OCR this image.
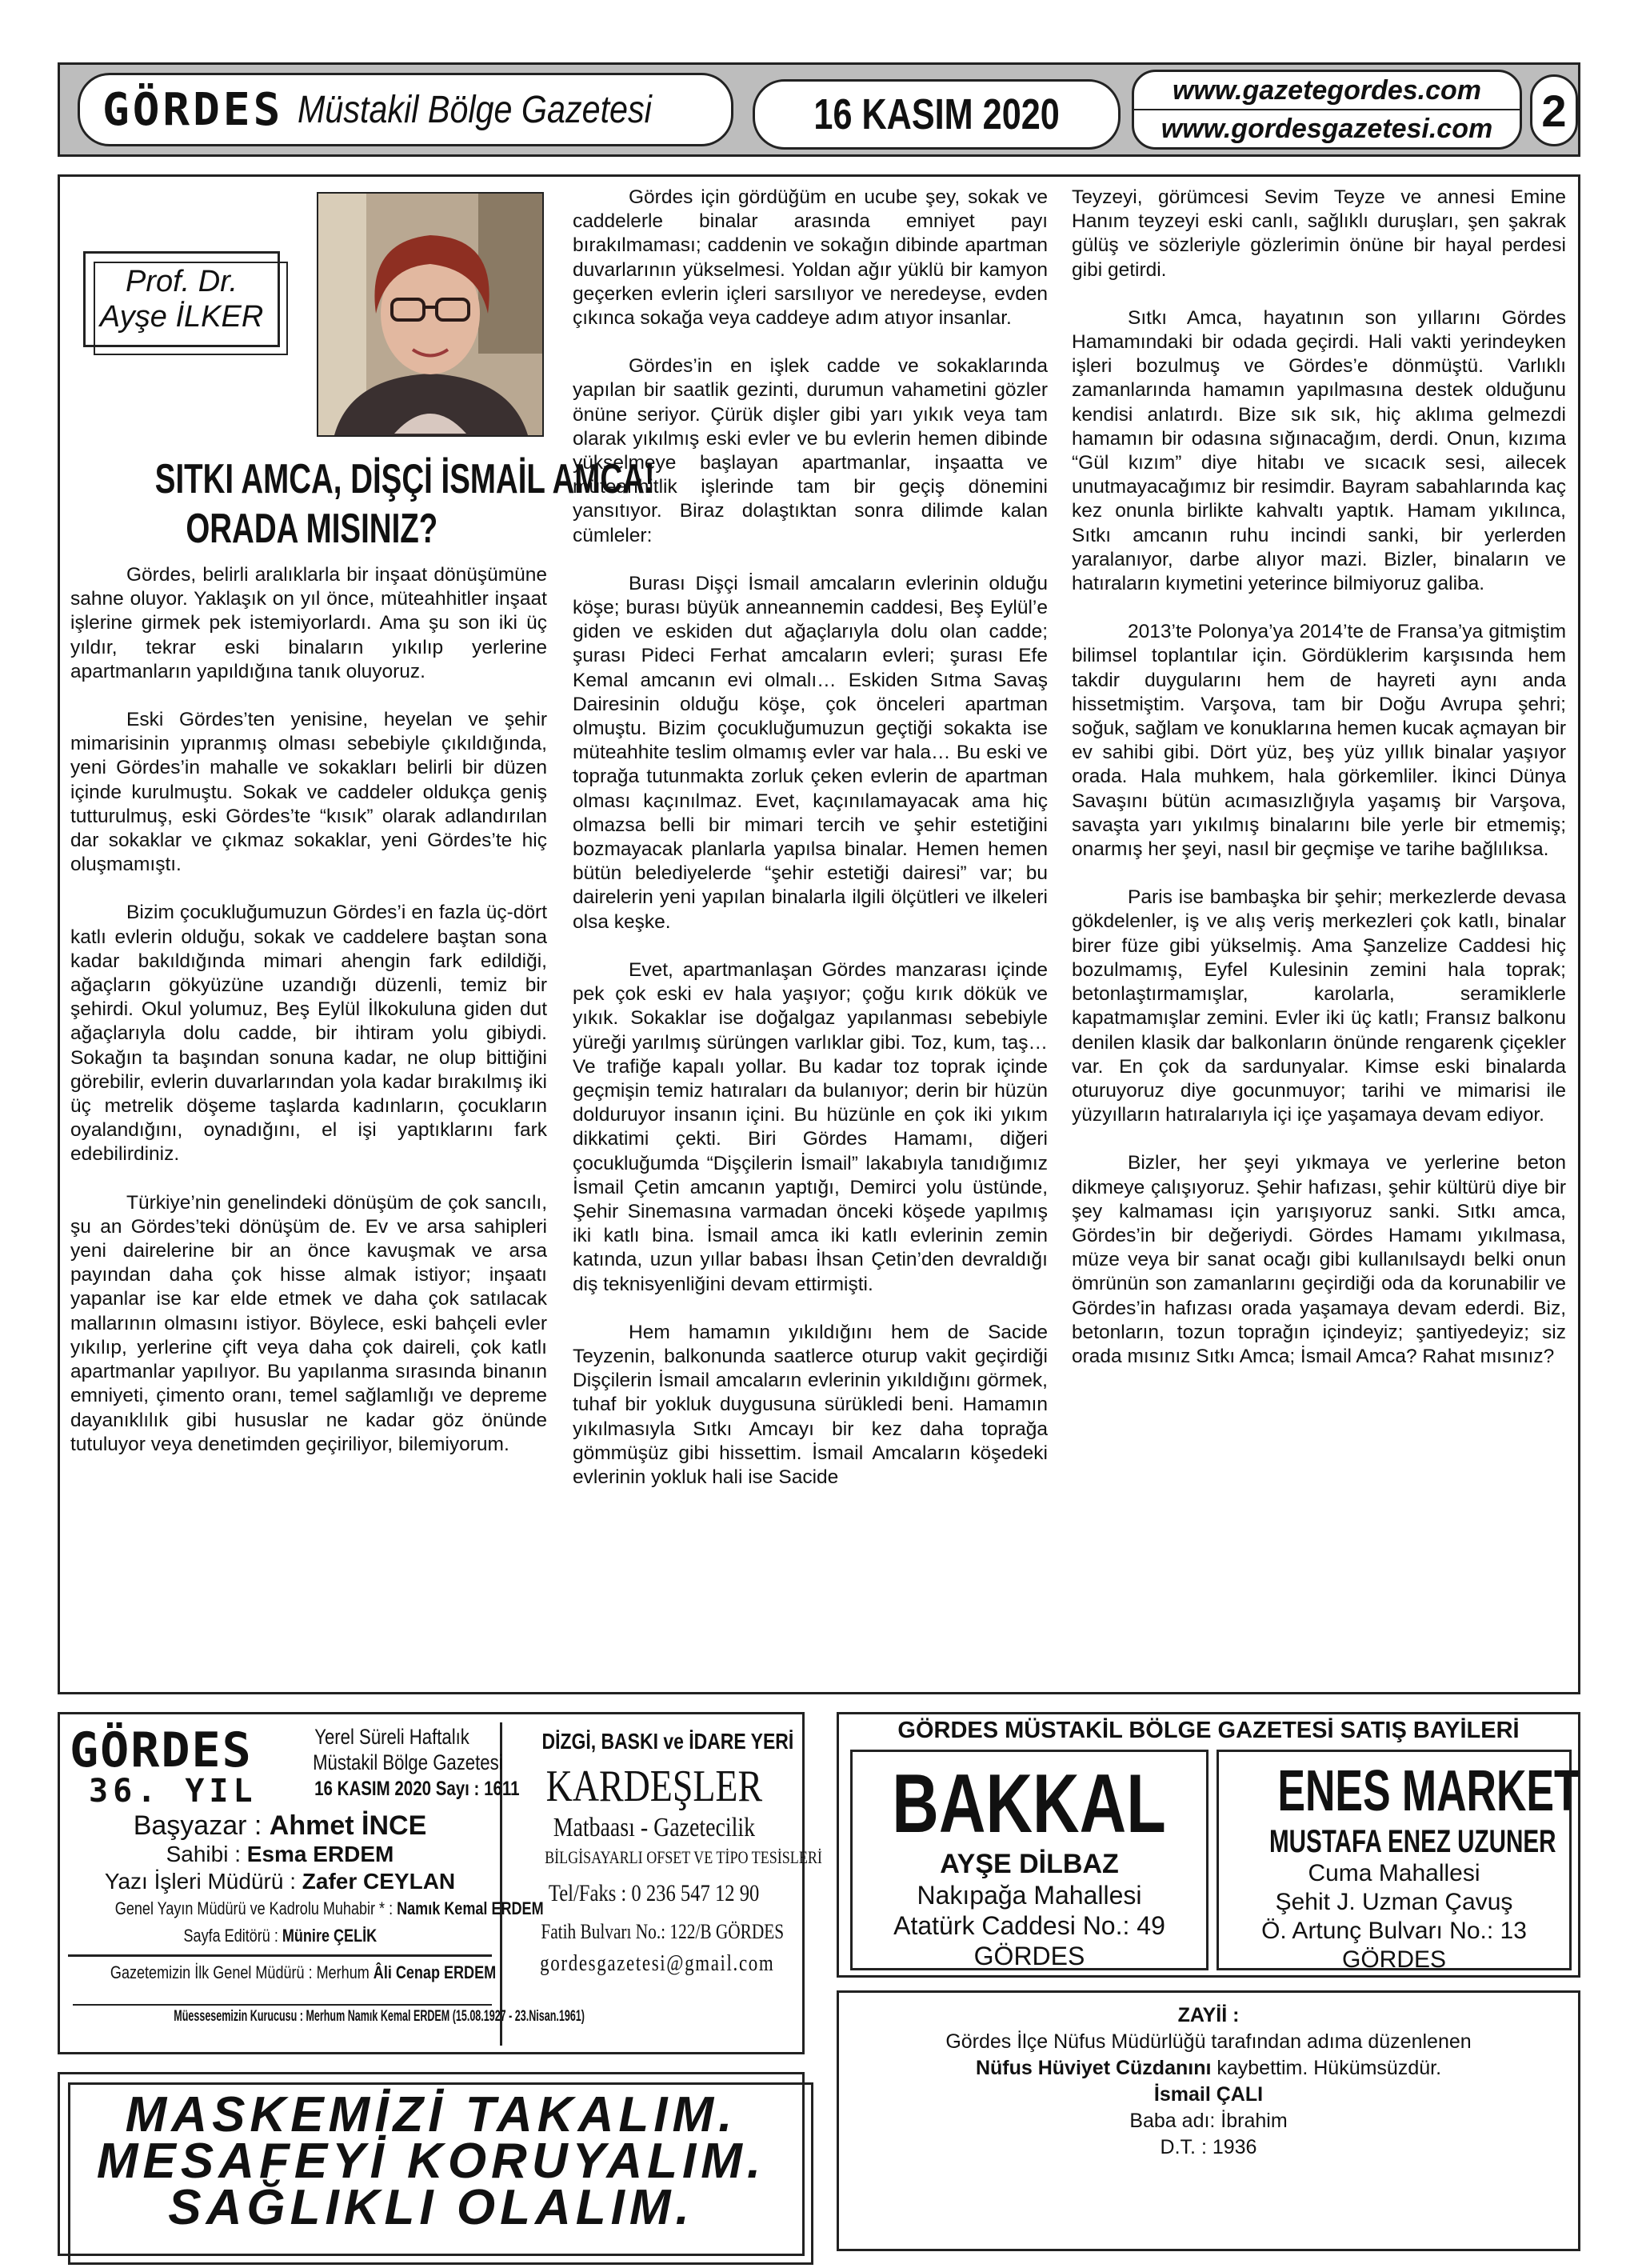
GÖRDES Müstakil Bölge Gazetesi	16 KASIM 2020	www.gazetegordes.com
www.gordesgazetesi.com 2
Prof. Dr.
Ayşe İLKER
SITKI AMCA, DİŞÇİ İSMAİL AMCA!
ORADA MISINIZ?

Gördes, belirli aralıklarla bir inşaat dönüşümüne sahne oluyor. Yaklaşık on yıl önce, müteahhitler inşaat işlerine girmek pek istemiyorlardı. Ama şu son iki üç yıldır, tekrar eski binaların yıkılıp yerlerine apartmanların yapıldığına tanık oluyoruz.

Eski Gördes’ten yenisine, heyelan ve şehir mimarisinin yıpranmış olması sebebiyle çıkıldığında, yeni Gördes’in mahalle ve sokakları belirli bir düzen içinde kurulmuştu. Sokak ve caddeler oldukça geniş tutturulmuş, eski Gördes’te “kısık” olarak adlandırılan dar sokaklar ve çıkmaz sokaklar, yeni Gördes’te hiç oluşmamıştı.

Bizim çocukluğumuzun Gördes’i en fazla üç-dört katlı evlerin olduğu, sokak ve caddelere baştan sona kadar bakıldığında mimari ahengin fark edildiği, ağaçların gökyüzüne uzandığı düzenli, temiz bir şehirdi. Okul yolumuz, Beş Eylül İlkokuluna giden dut ağaçlarıyla dolu cadde, bir ihtiram yolu gibiydi. Sokağın ta başından sonuna kadar, ne olup bittiğini görebilir, evlerin duvarlarından yola kadar bırakılmış iki üç metrelik döşeme taşlarda kadınların, çocukların oyalandığını, oynadığını, el işi yaptıklarını fark edebilirdiniz.

Türkiye’nin genelindeki dönüşüm de çok sancılı, şu an Gördes’teki dönüşüm de. Ev ve arsa sahipleri yeni dairelerine bir an önce kavuşmak ve arsa payından daha çok hisse almak istiyor; inşaatı yapanlar ise kar elde etmek ve daha çok satılacak mallarının olmasını istiyor. Böylece, eski bahçeli evler yıkılıp, yerlerine çift veya daha çok daireli, çok katlı apartmanlar yapılıyor. Bu yapılanma sırasında binanın emniyeti, çimento oranı, temel sağlamlığı ve depreme dayanıklılık gibi hususlar ne kadar göz önünde tutuluyor veya denetimden geçiriliyor, bilemiyorum.

Gördes için gördüğüm en ucube şey, sokak ve caddelerle binalar arasında emniyet payı bırakılmaması; caddenin ve sokağın dibinde apartman duvarlarının yükselmesi. Yoldan ağır yüklü bir kamyon geçerken evlerin içleri sarsılıyor ve neredeyse, evden çıkınca sokağa veya caddeye adım atıyor insanlar.

Gördes’in en işlek cadde ve sokaklarında yapılan bir saatlik gezinti, durumun vahametini gözler önüne seriyor. Çürük dişler gibi yarı yıkık veya tam olarak yıkılmış eski evler ve bu evlerin hemen dibinde yükselmeye başlayan apartmanlar, inşaatta ve müteahhitlik işlerinde tam bir geçiş dönemini yansıtıyor. Biraz dolaştıktan sonra dilimde kalan cümleler:

Burası Dişçi İsmail amcaların evlerinin olduğu köşe; burası büyük anneannemin caddesi, Beş Eylül’e giden ve eskiden dut ağaçlarıyla dolu olan cadde; şurası Pideci Ferhat amcaların evleri; şurası Efe Kemal amcanın evi olmalı… Eskiden Sıtma Savaş Dairesinin olduğu köşe, çok önceleri apartman olmuştu. Bizim çocukluğumuzun geçtiği sokakta ise müteahhite teslim olmamış evler var hala… Bu eski ve toprağa tutunmakta zorluk çeken evlerin de apartman olması kaçınılmaz. Evet, kaçınılamayacak ama hiç olmazsa belli bir mimari tercih ve şehir estetiğini bozmayacak planlarla yapılsa binalar. Hemen hemen bütün belediyelerde “şehir estetiği dairesi” var; bu dairelerin yeni yapılan binalarla ilgili ölçütleri ve ilkeleri olsa keşke.

Evet, apartmanlaşan Gördes manzarası içinde pek çok eski ev hala yaşıyor; çoğu kırık dökük ve yıkık. Sokaklar ise doğalgaz yapılanması sebebiyle yüreği yarılmış sürüngen varlıklar gibi. Toz, kum, taş… Ve trafiğe kapalı yollar. Bu kadar toz toprak içinde geçmişin temiz hatıraları da bulanıyor; derin bir hüzün dolduruyor insanın içini. Bu hüzünle en çok iki yıkım dikkatimi çekti. Biri Gördes Hamamı, diğeri çocukluğumda “Dişçilerin İsmail” lakabıyla tanıdığımız İsmail Çetin amcanın yaptığı, Demirci yolu üstünde, Şehir Sinemasına varmadan önceki köşede yapılmış iki katlı bina. İsmail amca iki katlı evlerinin zemin katında, uzun yıllar babası İhsan Çetin’den devraldığı diş teknisyenliğini devam ettirmişti.

Hem hamamın yıkıldığını hem de Sacide Teyzenin, balkonunda saatlerce oturup vakit geçirdiği Dişçilerin İsmail amcaların evlerinin yıkıldığını görmek, tuhaf bir yokluk duygusuna sürükledi beni. Hamamın yıkılmasıyla Sıtkı Amcayı bir kez daha toprağa gömmüşüz gibi hissettim. İsmail Amcaların köşedeki evlerinin yokluk hali ise Sacide

Teyzeyi, görümcesi Sevim Teyze ve annesi Emine Hanım teyzeyi eski canlı, sağlıklı duruşları, şen şakrak gülüş ve sözleriyle gözlerimin önüne bir hayal perdesi gibi getirdi.

Sıtkı Amca, hayatının son yıllarını Gördes Hamamındaki bir odada geçirdi. Hali vakti yerindeyken işleri bozulmuş ve Gördes’e dönmüştü. Varlıklı zamanlarında hamamın yapılmasına destek olduğunu kendisi anlatırdı. Bize sık sık, hiç aklıma gelmezdi hamamın bir odasına sığınacağım, derdi. Onun, kızıma “Gül kızım” diye hitabı ve sıcacık sesi, ailecek unutmayacağımız bir resimdir. Bayram sabahlarında kaç kez onunla birlikte kahvaltı yaptık. Hamam yıkılınca, Sıtkı amcanın ruhu incindi sanki, bir yerlerden yaralanıyor, darbe alıyor mazi. Bizler, binaların ve hatıraların kıymetini yeterince bilmiyoruz galiba.

2013’te Polonya’ya 2014’te de Fransa’ya gitmiştim bilimsel toplantılar için. Gördüklerim karşısında hem takdir duygularını hem de hayreti aynı anda hissetmiştim. Varşova, tam bir Doğu Avrupa şehri; soğuk, sağlam ve konuklarına hemen kucak açmayan bir ev sahibi gibi. Dört yüz, beş yüz yıllık binalar yaşıyor orada. Hala muhkem, hala görkemliler. İkinci Dünya Savaşını bütün acımasızlığıyla yaşamış bir Varşova, savaşta yarı yıkılmış binalarını bile yerle bir etmemiş; onarmış her şeyi, nasıl bir geçmişe ve tarihe bağlılıksa.

Paris ise bambaşka bir şehir; merkezlerde devasa gökdelenler, iş ve alış veriş merkezleri çok katlı, binalar birer füze gibi yükselmiş. Ama Şanzelize Caddesi hiç bozulmamış, Eyfel Kulesinin zemini hala toprak; betonlaştırmamışlar, karolarla, seramiklerle kapatmamışlar zemini. Evler iki üç katlı; Fransız balkonu denilen klasik dar balkonların önünde rengarenk çiçekler var. En çok da sardunyalar. Kimse eski binalarda oturuyoruz diye gocunmuyor; tarihi ve mimarisi ile yüzyılların hatıralarıyla içi içe yaşamaya devam ediyor.

Bizler, her şeyi yıkmaya ve yerlerine beton dikmeye çalışıyoruz. Şehir hafızası, şehir kültürü diye bir şey kalmaması için yarışıyoruz sanki. Sıtkı amca, Gördes’in bir değeriydi. Gördes Hamamı yıkılmasa, müze veya bir sanat ocağı gibi kullanılsaydı belki onun ömrünün son zamanlarını geçirdiği oda da korunabilir ve Gördes’in hafızası orada yaşamaya devam ederdi. Biz, betonların, tozun toprağın içindeyiz; şantiyedeyiz; siz orada mısınız Sıtkı Amca; İsmail Amca? Rahat mısınız?

GÖRDES
36. YIL
Yerel Süreli Haftalık
Müstakil Bölge Gazetesi
16 KASIM 2020 Sayı : 1611
Başyazar : Ahmet İNCE
Sahibi : Esma ERDEM
Yazı İşleri Müdürü : Zafer CEYLAN
Genel Yayın Müdürü ve Kadrolu Muhabir * : Namık Kemal ERDEM
Sayfa Editörü : Münire ÇELİK
Gazetemizin İlk Genel Müdürü : Merhum Âli Cenap ERDEM
Müessesemizin Kurucusu : Merhum Namık Kemal ERDEM (15.08.1927 - 23.Nisan.1961)
DİZGİ, BASKI ve İDARE YERİ
KARDEŞLER
Matbaası - Gazetecilik
BİLGİSAYARLI OFSET VE TİPO TESİSLERİ
Tel/Faks : 0 236 547 12 90
Fatih Bulvarı No.: 122/B GÖRDES
gordesgazetesi@gmail.com
GÖRDES MÜSTAKİL BÖLGE GAZETESİ SATIŞ BAYİLERİ
BAKKAL
AYŞE DİLBAZ
Nakıpağa Mahallesi
Atatürk Caddesi No.: 49
GÖRDES
ENES MARKET
MUSTAFA ENEZ UZUNER
Cuma Mahallesi
Şehit J. Uzman Çavuş
Ö. Artunç Bulvarı No.: 13
GÖRDES
ZAYİİ :
Gördes İlçe Nüfus Müdürlüğü tarafından adıma düzenlenen
Nüfus Hüviyet Cüzdanını kaybettim. Hükümsüzdür.
İsmail ÇALI
Baba adı: İbrahim
D.T. : 1936
MASKEMİZİ TAKALIM.
MESAFEYİ KORUYALIM.
SAĞLIKLI OLALIM.
